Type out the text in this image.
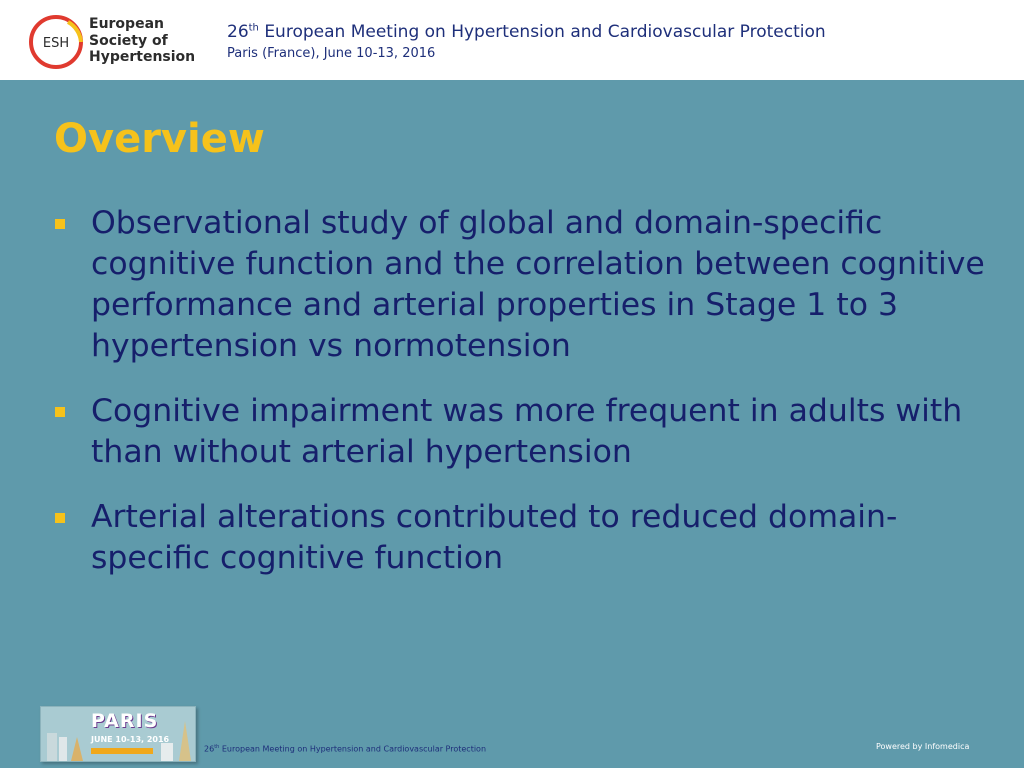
ESH
European
Society of
Hypertension
26th European Meeting on Hypertension and Cardiovascular Protection
Paris (France), June 10-13, 2016
Overview
Observational study of global and domain-specific cognitive function and the correlation between cognitive performance and arterial properties in Stage 1 to 3 hypertension vs normotension
Cognitive impairment was more frequent in adults with than without arterial hypertension
Arterial alterations contributed to reduced domain-specific cognitive function
PARIS
JUNE 10-13, 2016
26th European Meeting on Hypertension and Cardiovascular Protection	Powered by Infomedica
